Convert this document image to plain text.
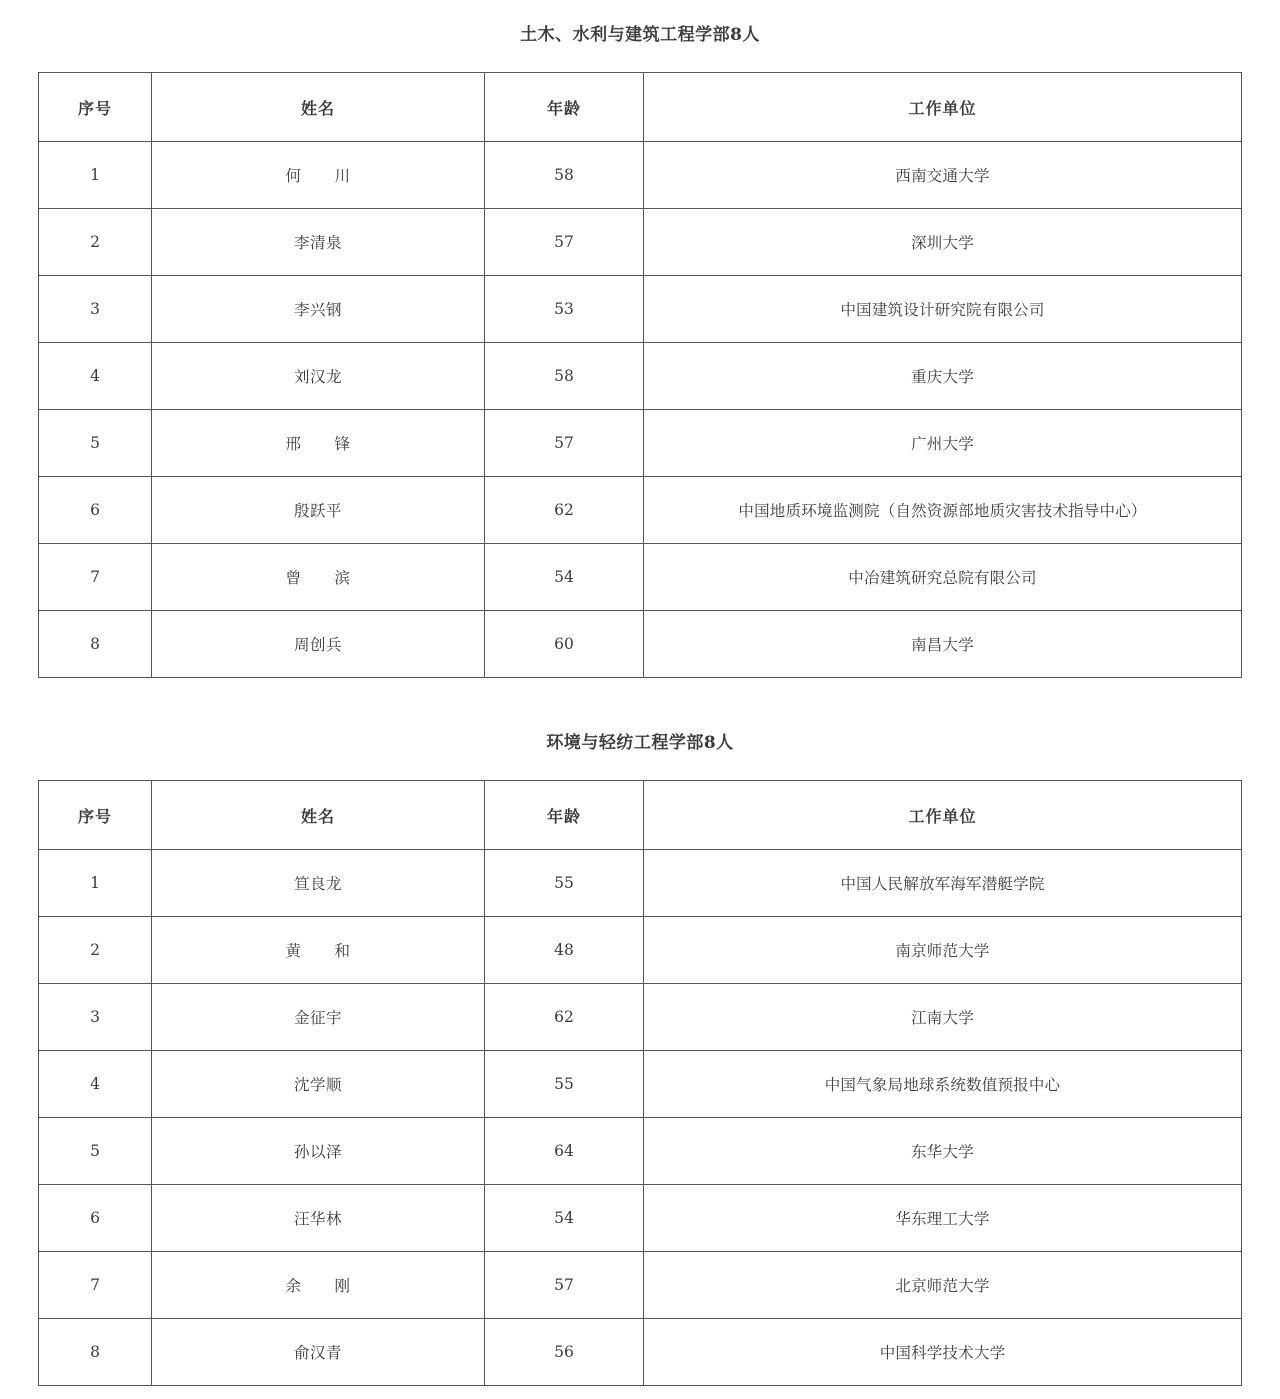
土木、水利与建筑工程学部8人
序号	姓名	年龄	工作单位
1	何川	58	西南交通大学
2	李清泉	57	深圳大学
3	李兴钢	53	中国建筑设计研究院有限公司
4	刘汉龙	58	重庆大学
5	邢锋	57	广州大学
6	殷跃平	62	中国地质环境监测院（自然资源部地质灾害技术指导中心）
7	曾滨	54	中冶建筑研究总院有限公司
8	周创兵	60	南昌大学
环境与轻纺工程学部8人
序号	姓名	年龄	工作单位
1	笪良龙	55	中国人民解放军海军潜艇学院
2	黄和	48	南京师范大学
3	金征宇	62	江南大学
4	沈学顺	55	中国气象局地球系统数值预报中心
5	孙以泽	64	东华大学
6	汪华林	54	华东理工大学
7	余刚	57	北京师范大学
8	俞汉青	56	中国科学技术大学
